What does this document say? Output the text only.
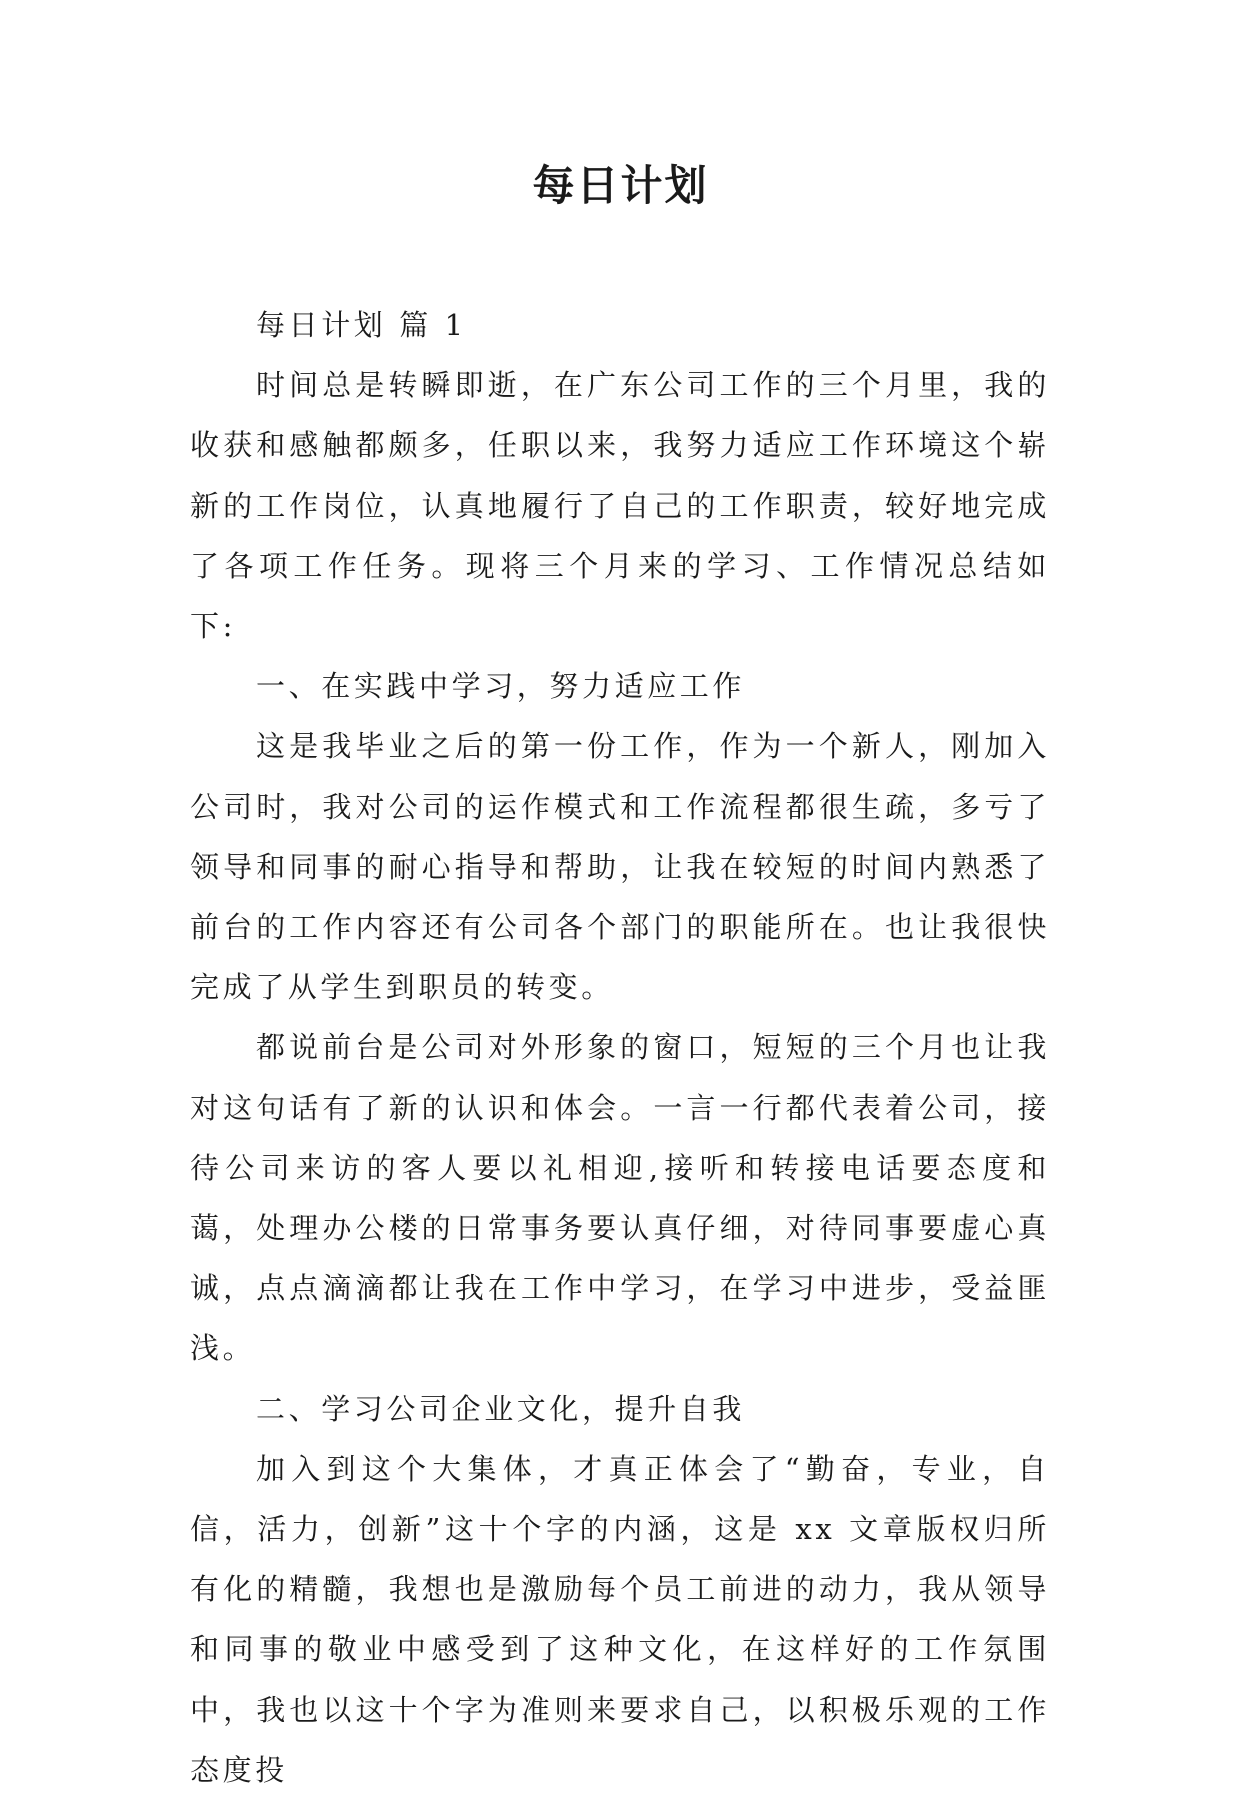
每日计划

每日计划 篇 1

时间总是转瞬即逝，在广东公司工作的三个月里，我的收获和感触都颇多，任职以来，我努力适应工作环境这个崭新的工作岗位，认真地履行了自己的工作职责，较好地完成了各项工作任务。现将三个月来的学习、工作情况总结如下:

一、在实践中学习，努力适应工作

这是我毕业之后的第一份工作，作为一个新人，刚加入公司时，我对公司的运作模式和工作流程都很生疏，多亏了领导和同事的耐心指导和帮助，让我在较短的时间内熟悉了前台的工作内容还有公司各个部门的职能所在。也让我很快完成了从学生到职员的转变。

都说前台是公司对外形象的窗口，短短的三个月也让我对这句话有了新的认识和体会。一言一行都代表着公司，接待公司来访的客人要以礼相迎,接听和转接电话要态度和蔼，处理办公楼的日常事务要认真仔细，对待同事要虚心真诚，点点滴滴都让我在工作中学习，在学习中进步，受益匪浅。

二、学习公司企业文化，提升自我

加入到这个大集体，才真正体会了“勤奋，专业，自信，活力，创新”这十个字的内涵，这是 xx 文章版权归所有化的精髓，我想也是激励每个员工前进的动力，我从领导和同事的敬业中感受到了这种文化，在这样好的工作氛围中，我也以这十个字为准则来要求自己，以积极乐观的工作态度投
